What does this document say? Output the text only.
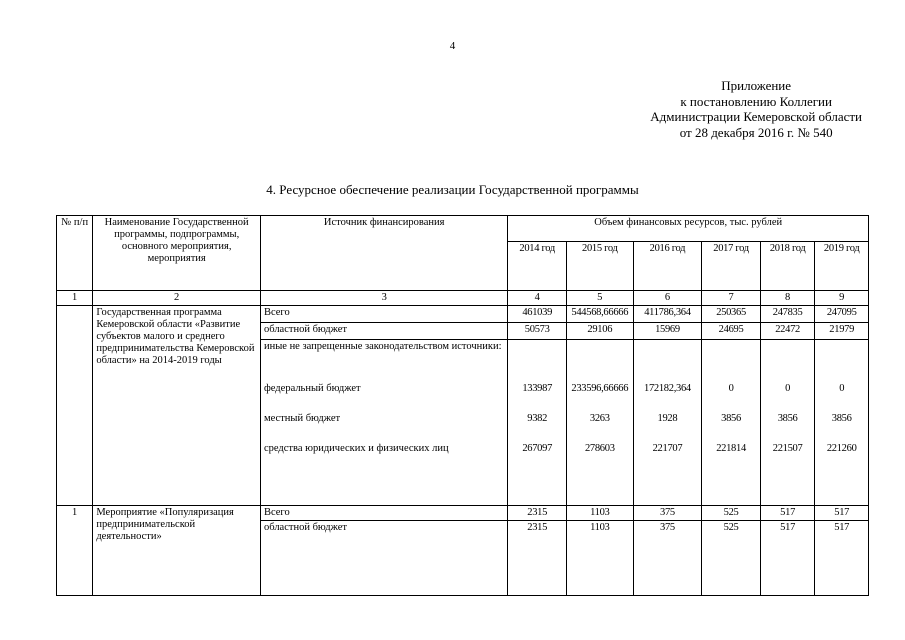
4
Приложение
к постановлению Коллегии
Администрации Кемеровской области
от 28 декабря 2016 г. № 540
4. Ресурсное обеспечение реализации Государственной программы
№ п/п	Наименование Государственной программы, подпрограммы, основного мероприятия, мероприятия	Источник финансирования	Объем финансовых ресурсов, тыс. рублей					
			2014 год	2015 год	2016 год	2017 год	2018 год	2019 год
1	2	3	4	5	6	7	8	9
	Государственная программа Кемеровской области «Развитие субъектов малого и среднего предпринимательства Кемеровской области» на 2014-2019 годы	Всего	461039	544568,66666	411786,364	250365	247835	247095
		областной бюджет	50573	29106	15969	24695	22472	21979
		иные не запрещенные законодательством источники:						
		федеральный бюджет	133987	233596,66666	172182,364	0	0	0
		местный бюджет	9382	3263	1928	3856	3856	3856
		средства юридических и физических лиц	267097	278603	221707	221814	221507	221260
1	Мероприятие «Популяризация предпринимательской деятельности»	Всего	2315	1103	375	525	517	517
		областной бюджет	2315	1103	375	525	517	517
